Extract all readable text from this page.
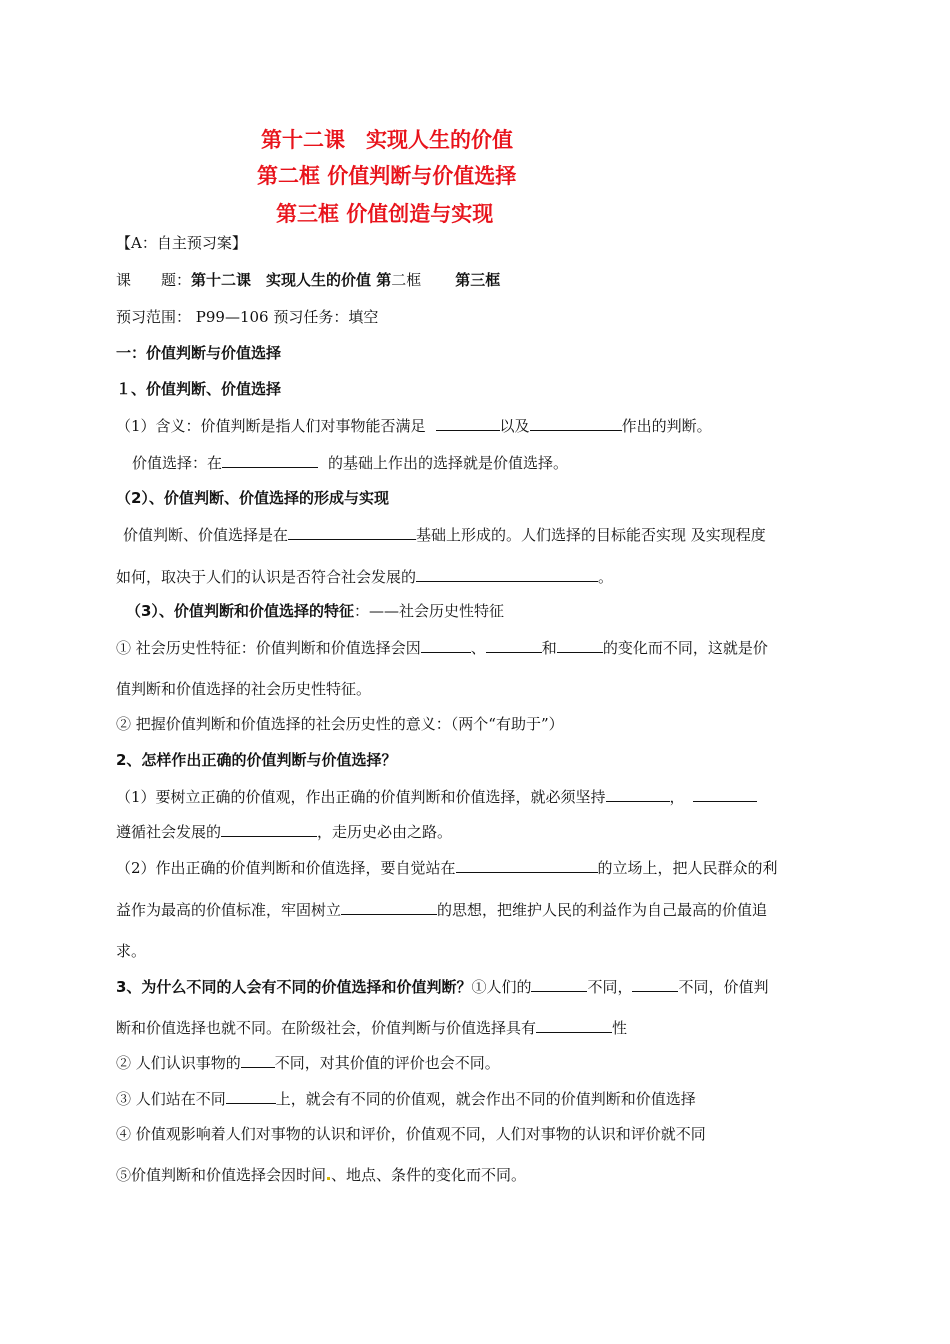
第十二课　实现人生的价值
第二框 价值判断与价值选择
第三框 价值创造与实现
【A：自主预习案】
课　　题：第十二课　实现人生的价值 第二框 第三框
预习范围： P99—106 预习任务：填空
一：价值判断与价值选择
１、价值判断、价值选择
（1）含义：价值判断是指人们对事物能否满足	以及	作出的判断。
价值选择：在	的基础上作出的选择就是价值选择。
（2）、价值判断、价值选择的形成与实现
价值判断、价值选择是在	基础上形成的。人们选择的目标能否实现 及实现程度
如何，取决于人们的认识是否符合社会发展的	。
（3）、价值判断和价值选择的特征：——社会历史性特征
① 社会历史性特征：价值判断和价值选择会因	、	和	的变化而不同，这就是价
值判断和价值选择的社会历史性特征。
② 把握价值判断和价值选择的社会历史性的意义：（两个“有助于”）
2、怎样作出正确的价值判断与价值选择？
（1）要树立正确的价值观，作出正确的价值判断和价值选择，就必须坚持	，
遵循社会发展的	，走历史必由之路。
（2）作出正确的价值判断和价值选择，要自觉站在	的立场上，把人民群众的利
益作为最高的价值标准，牢固树立	的思想，把维护人民的利益作为自己最高的价值追
求。
3、为什么不同的人会有不同的价值选择和价值判断？①人们的	不同，	不同，价值判
断和价值选择也就不同。在阶级社会，价值判断与价值选择具有	性
② 人们认识事物的 不同，对其价值的评价也会不同。
③ 人们站在不同	上，就会有不同的价值观，就会作出不同的价值判断和价值选择
④ 价值观影响着人们对事物的认识和评价，价值观不同，人们对事物的认识和评价就不同
⑤价值判断和价值选择会因时间 、地点、条件的变化而不同。
